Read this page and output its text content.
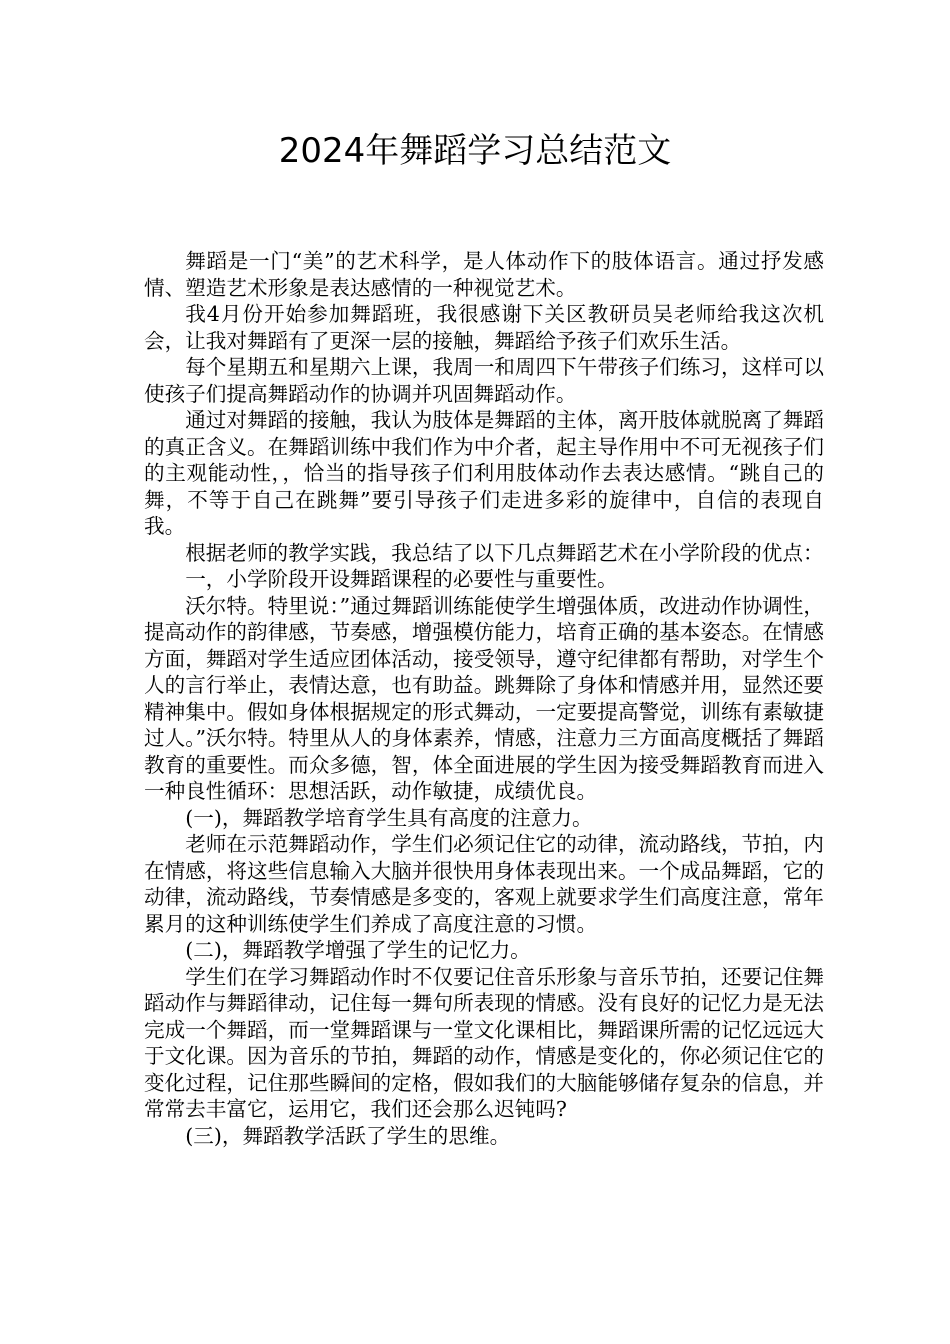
2024年舞蹈学习总结范文

舞蹈是一门“美”的艺术科学，是人体动作下的肢体语言。通过抒发感情、塑造艺术形象是表达感情的一种视觉艺术。

我4月份开始参加舞蹈班，我很感谢下关区教研员吴老师给我这次机会，让我对舞蹈有了更深一层的接触，舞蹈给予孩子们欢乐生活。

每个星期五和星期六上课，我周一和周四下午带孩子们练习，这样可以使孩子们提高舞蹈动作的协调并巩固舞蹈动作。

通过对舞蹈的接触，我认为肢体是舞蹈的主体，离开肢体就脱离了舞蹈的真正含义。在舞蹈训练中我们作为中介者，起主导作用中不可无视孩子们的主观能动性，，恰当的指导孩子们利用肢体动作去表达感情。“跳自己的舞，不等于自己在跳舞”要引导孩子们走进多彩的旋律中，自信的表现自我。

根据老师的教学实践，我总结了以下几点舞蹈艺术在小学阶段的优点：

一，小学阶段开设舞蹈课程的必要性与重要性。

沃尔特。特里说：”通过舞蹈训练能使学生增强体质，改进动作协调性，提高动作的韵律感，节奏感，增强模仿能力，培育正确的基本姿态。在情感方面，舞蹈对学生适应团体活动，接受领导，遵守纪律都有帮助，对学生个人的言行举止，表情达意，也有助益。跳舞除了身体和情感并用，显然还要精神集中。假如身体根据规定的形式舞动，一定要提高警觉，训练有素敏捷过人。”沃尔特。特里从人的身体素养，情感，注意力三方面高度概括了舞蹈教育的重要性。而众多德，智，体全面进展的学生因为接受舞蹈教育而进入一种良性循环：思想活跃，动作敏捷，成绩优良。

(一)，舞蹈教学培育学生具有高度的注意力。

老师在示范舞蹈动作，学生们必须记住它的动律，流动路线，节拍，内在情感，将这些信息输入大脑并很快用身体表现出来。一个成品舞蹈，它的动律，流动路线，节奏情感是多变的，客观上就要求学生们高度注意，常年累月的这种训练使学生们养成了高度注意的习惯。

(二)，舞蹈教学增强了学生的记忆力。

学生们在学习舞蹈动作时不仅要记住音乐形象与音乐节拍，还要记住舞蹈动作与舞蹈律动，记住每一舞句所表现的情感。没有良好的记忆力是无法完成一个舞蹈，而一堂舞蹈课与一堂文化课相比，舞蹈课所需的记忆远远大于文化课。因为音乐的节拍，舞蹈的动作，情感是变化的，你必须记住它的变化过程，记住那些瞬间的定格，假如我们的大脑能够储存复杂的信息，并常常去丰富它，运用它，我们还会那么迟钝吗?

(三)，舞蹈教学活跃了学生的思维。
